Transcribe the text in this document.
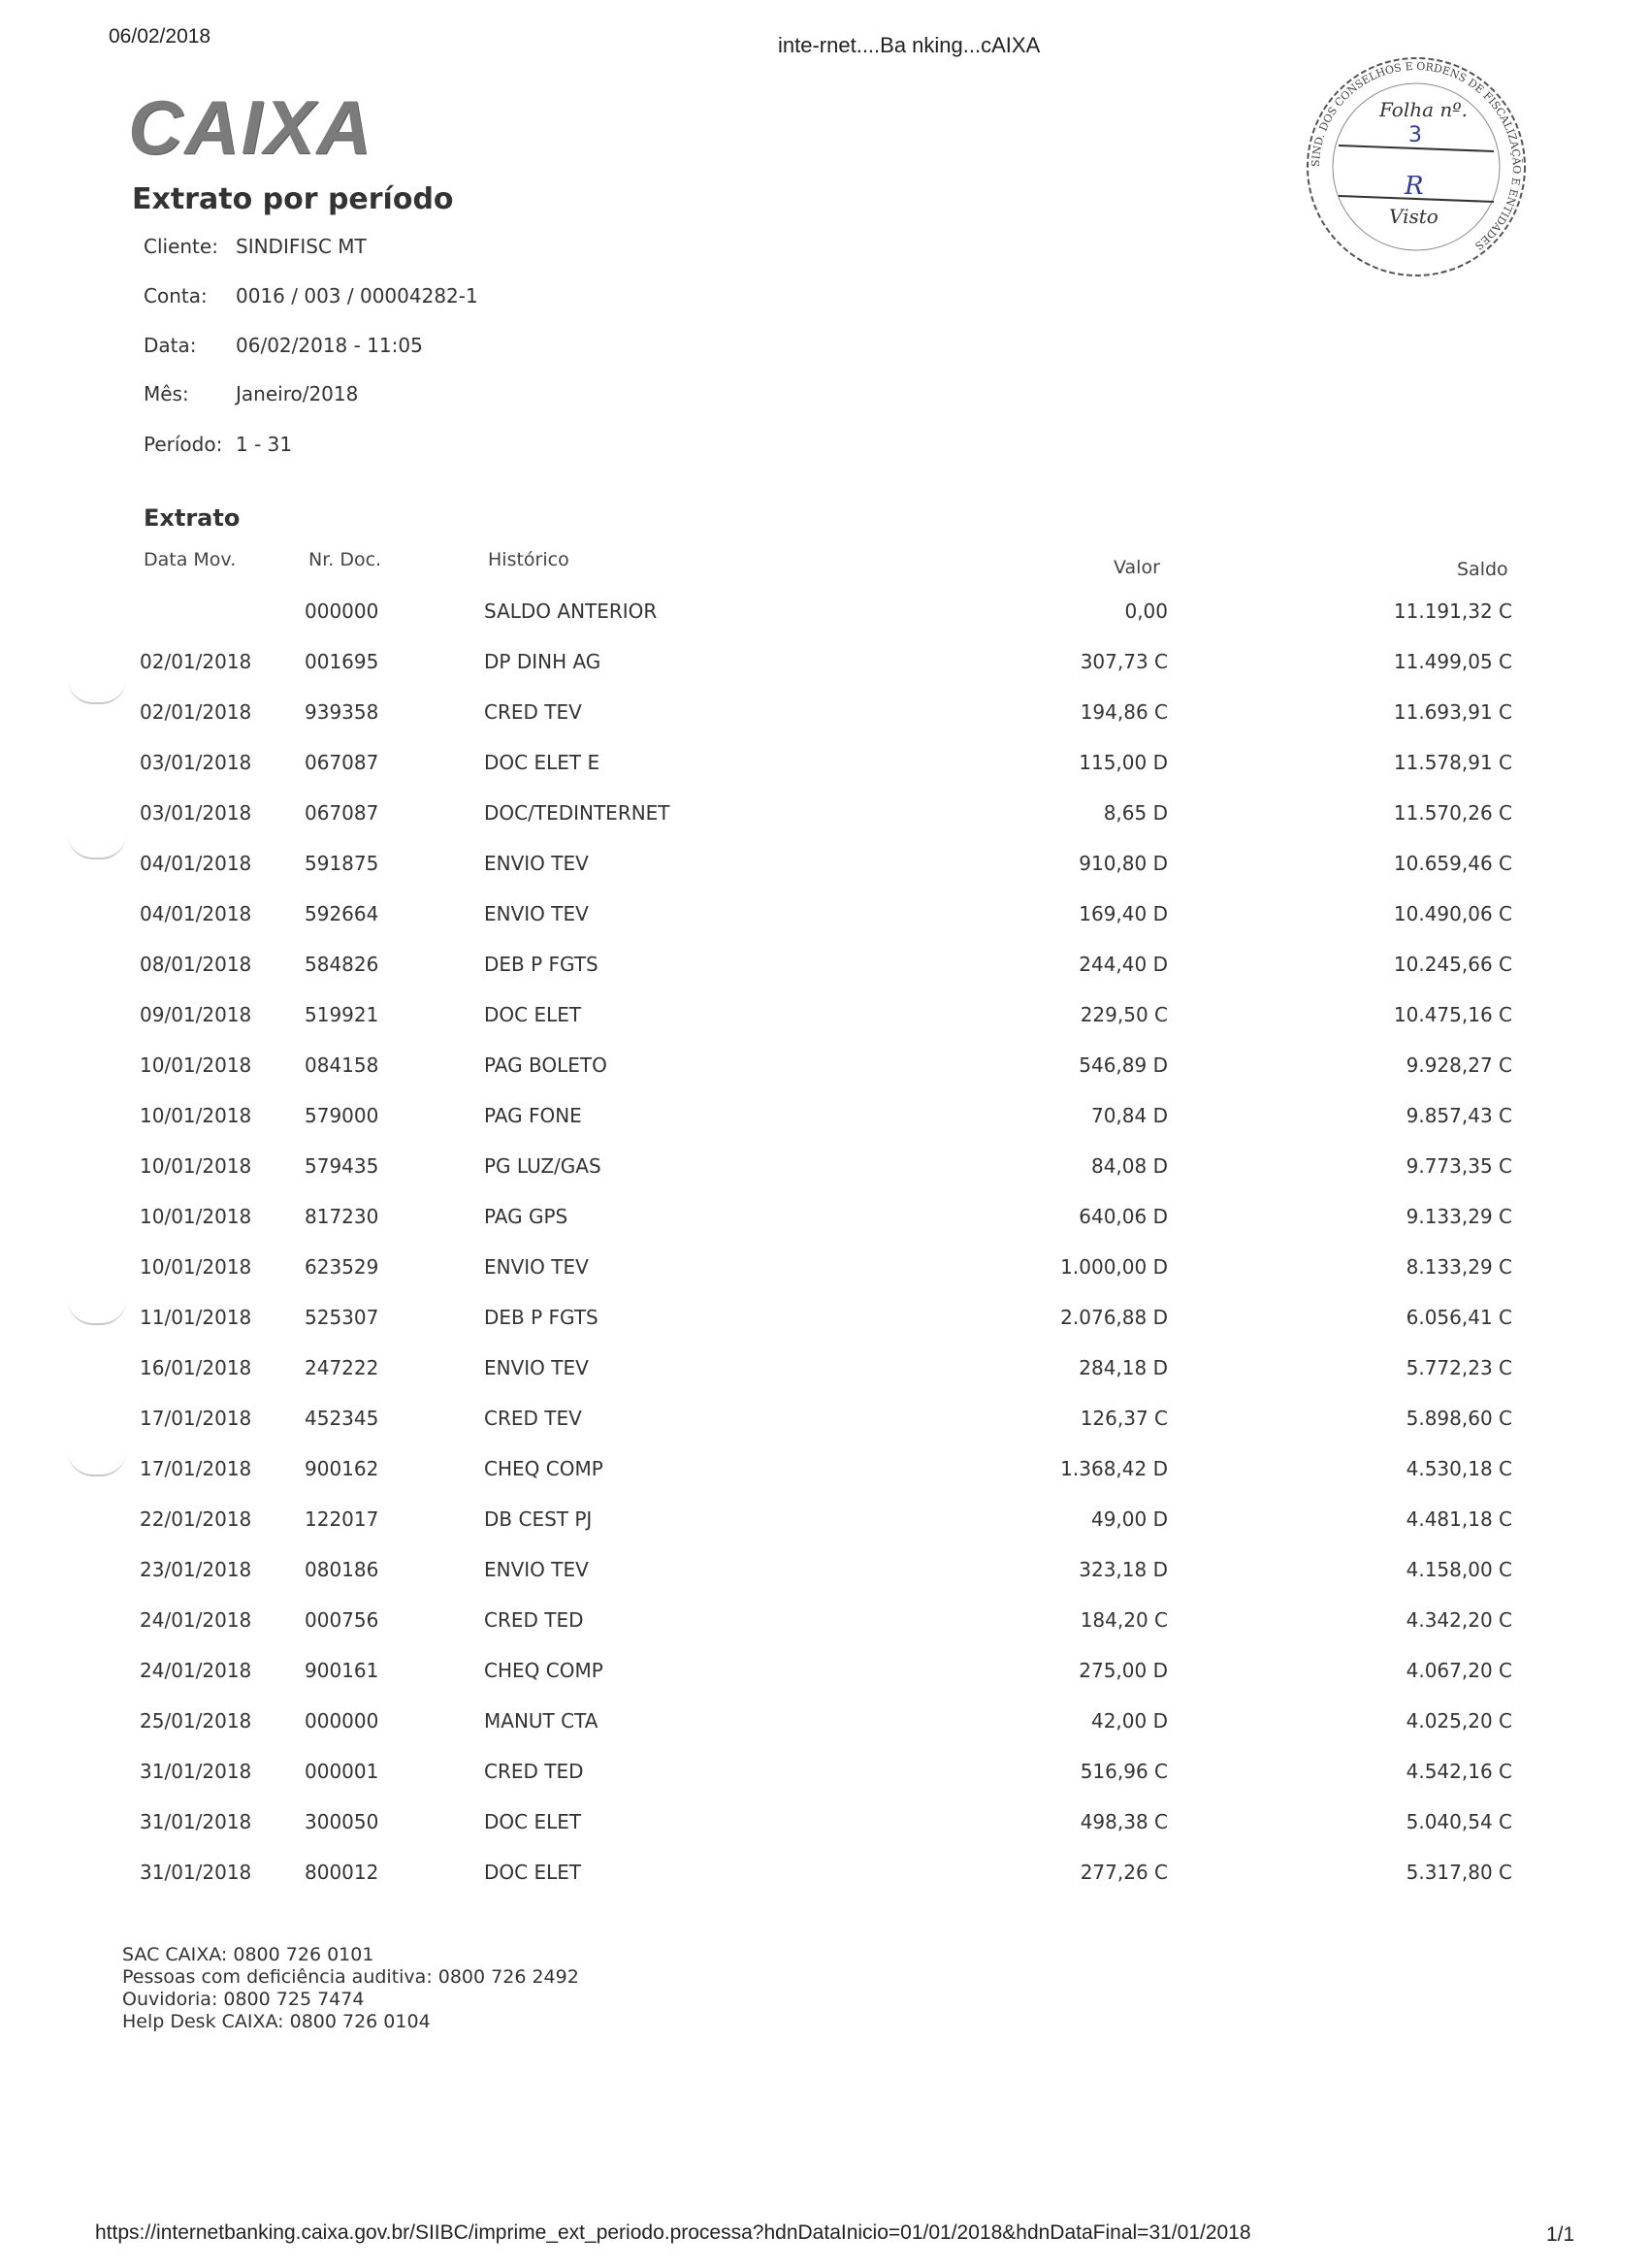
06/02/2018	inte-rnet....Ba nking...cAIXA
CAIXA	SIND. DOS CONSELHOS E ORDENS DE FISCALIZAÇÃO E ENTIDADES
Folha nº.
3
R
Visto
Extrato por período
Cliente: SINDIFISC MT
Conta: 0016 / 003 / 00004282-1
Data: 06/02/2018 - 11:05
Mês: Janeiro/2018
Período: 1 - 31
Extrato
Data Mov.	Nr. Doc.	Histórico	Valor	Saldo
	000000	SALDO ANTERIOR	0,00	11.191,32 C
02/01/2018	001695	DP DINH AG	307,73 C	11.499,05 C
02/01/2018	939358	CRED TEV	194,86 C	11.693,91 C
03/01/2018	067087	DOC ELET E	115,00 D	11.578,91 C
03/01/2018	067087	DOC/TEDINTERNET	8,65 D	11.570,26 C
04/01/2018	591875	ENVIO TEV	910,80 D	10.659,46 C
04/01/2018	592664	ENVIO TEV	169,40 D	10.490,06 C
08/01/2018	584826	DEB P FGTS	244,40 D	10.245,66 C
09/01/2018	519921	DOC ELET	229,50 C	10.475,16 C
10/01/2018	084158	PAG BOLETO	546,89 D	9.928,27 C
10/01/2018	579000	PAG FONE	70,84 D	9.857,43 C
10/01/2018	579435	PG LUZ/GAS	84,08 D	9.773,35 C
10/01/2018	817230	PAG GPS	640,06 D	9.133,29 C
10/01/2018	623529	ENVIO TEV	1.000,00 D	8.133,29 C
11/01/2018	525307	DEB P FGTS	2.076,88 D	6.056,41 C
16/01/2018	247222	ENVIO TEV	284,18 D	5.772,23 C
17/01/2018	452345	CRED TEV	126,37 C	5.898,60 C
17/01/2018	900162	CHEQ COMP	1.368,42 D	4.530,18 C
22/01/2018	122017	DB CEST PJ	49,00 D	4.481,18 C
23/01/2018	080186	ENVIO TEV	323,18 D	4.158,00 C
24/01/2018	000756	CRED TED	184,20 C	4.342,20 C
24/01/2018	900161	CHEQ COMP	275,00 D	4.067,20 C
25/01/2018	000000	MANUT CTA	42,00 D	4.025,20 C
31/01/2018	000001	CRED TED	516,96 C	4.542,16 C
31/01/2018	300050	DOC ELET	498,38 C	5.040,54 C
31/01/2018	800012	DOC ELET	277,26 C	5.317,80 C
SAC CAIXA: 0800 726 0101
Pessoas com deficiência auditiva: 0800 726 2492
Ouvidoria: 0800 725 7474
Help Desk CAIXA: 0800 726 0104
https://internetbanking.caixa.gov.br/SIIBC/imprime_ext_periodo.processa?hdnDataInicio=01/01/2018&hdnDataFinal=31/01/2018	1/1
